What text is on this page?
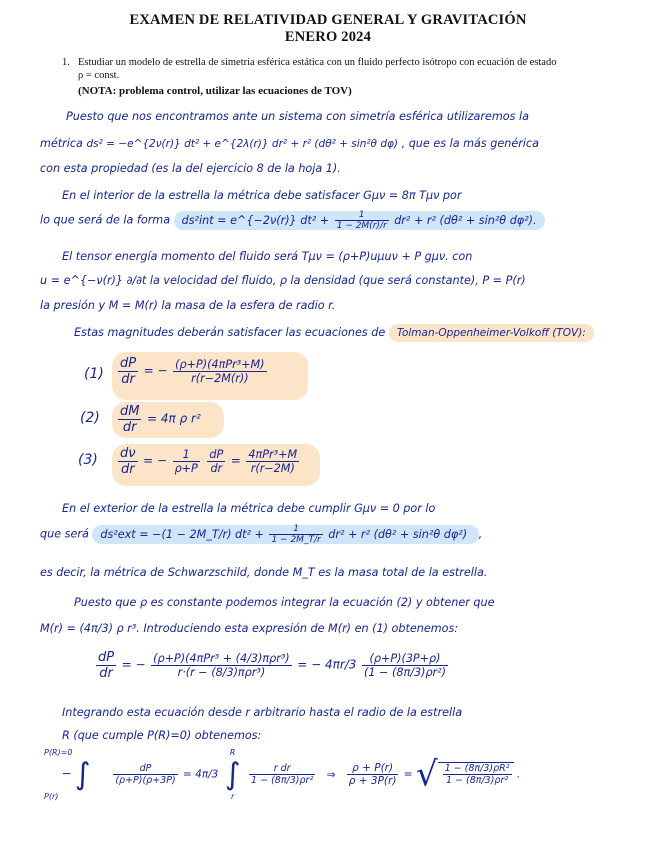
EXAMEN DE RELATIVIDAD GENERAL Y GRAVITACIÓN
ENERO 2024
1. Estudiar un modelo de estrella de simetría esférica estática con un fluido perfecto isótropo con ecuación de estado
ρ = const.
(NOTA: problema control, utilizar las ecuaciones de TOV)
Puesto que nos encontramos ante un sistema con simetría esférica utilizaremos la
métrica ds² = −e^{2ν(r)} dt² + e^{2λ(r)} dr² + r² (dθ² + sin²θ dφ) , que es la más genérica
con esta propiedad (es la del ejercicio 8 de la hoja 1).
En el interior de la estrella la métrica debe satisfacer Gμν = 8π Tμν por
lo que será de la forma ds²int = e^{−2ν(r)} $dt^2 + \frac{1}{1 - 2M(r)/r} dr^2 + r^2$ (dθ² + sin²θ dφ²).
El tensor energía momento del fluido será Tμν = (ρ+P)uμuν + P gμν. con
u = e^{−ν(r)} ∂/∂t la velocidad del fluido, ρ la densidad (que será constante), P = P(r)
la presión y M = M(r) la masa de la esfera de radio r.
Estas magnitudes deberán satisfacer las ecuaciones de Tolman-Oppenheimer-Volkoff (TOV):
$(1) \frac{dP}{dr}$ = − $\frac{\text{(ρ+P)(4πPr³+M)}}{r(r-2M(r))}$
$(2) \frac{dM}{dr} = 4\pi$ ρ r²
$(3) \frac{d\nu}{dr}$ = − $\frac{1}{\rho+P}$
$\frac{dP}{dr} = \frac{\text{4πPr³+M}}{r(r-2M)}$
En el exterior de la estrella la métrica debe cumplir Gμν = 0 por lo
que será ds²ext = −(1 − 2M_T/r) $dt^2 + \frac{1}{1 - 2M\_T/r} dr^2 + r^2$ (dθ² + sin²θ dφ²) ,
es decir, la métrica de Schwarzschild, donde M_T es la masa total de la estrella.
Puesto que ρ es constante podemos integrar la ecuación (2) y obtener que
M(r) = (4π/3) ρ r³. Introduciendo esta expresión de M(r) en (1) obtenemos:
$\frac{dP}{dr}$ = − $\frac{\text{(ρ+P)(4πPr³ + (4/3)πρr³)}}{\text{r·(r − (8/3)πρr³)}}$ = − $4\pi r/3 \frac{(\rho+P)(3P+\rho)}{\text{(1 − (8π/3)ρr²)}}$
Integrando esta ecuación desde r arbitrario hasta el radio de la estrella
R (que cumple P(R)=0) obtenemos:
P(R)=0
− ∫
P(r)

$\frac{dP}{(\rho+P)(\rho+3P)} = 4\pi/3$
R
∫
r

$\frac{\text{r dr}}{\text{1 − (8π/3)ρr²}}$ ⇒ $\frac{\rho + P(r)}{\rho + 3P(r)}$ = √ $\frac{\text{1 − (8π/3)ρR²}}{\text{1 − (8π/3)ρr²}}$ .
